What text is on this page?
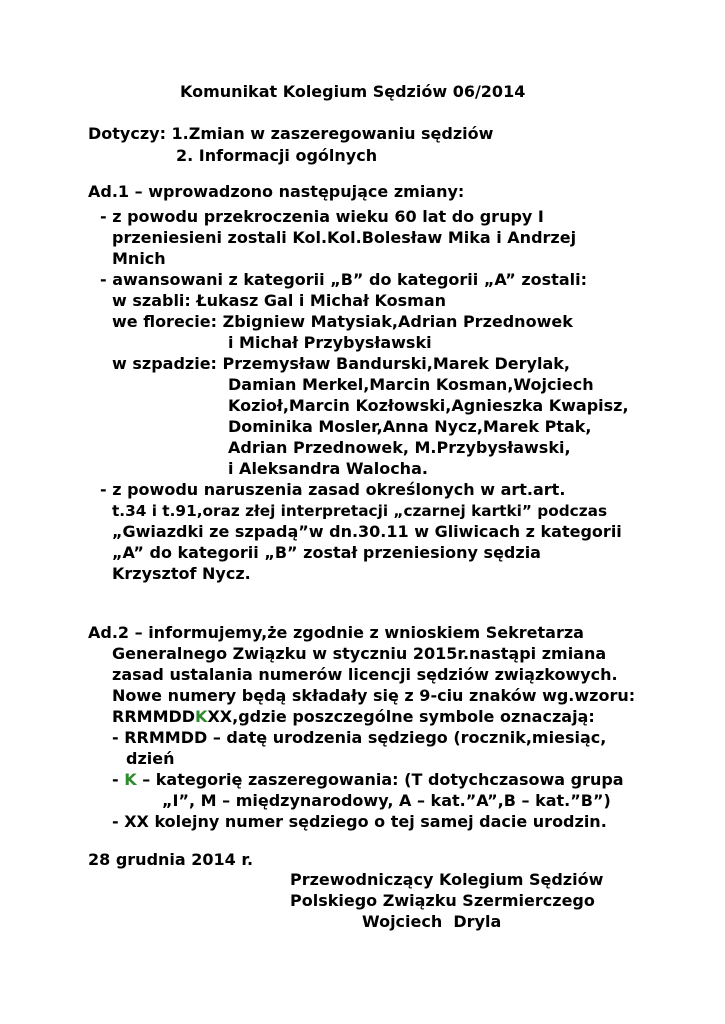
Komunikat Kolegium Sędziów 06/2014
Dotyczy: 1.Zmian w zaszeregowaniu sędziów
2. Informacji ogólnych
Ad.1 – wprowadzono następujące zmiany:
- z powodu przekroczenia wieku 60 lat do grupy I
przeniesieni zostali Kol.Kol.Bolesław Mika i Andrzej
Mnich
- awansowani z kategorii „B” do kategorii „A” zostali:
w szabli: Łukasz Gal i Michał Kosman
we florecie: Zbigniew Matysiak,Adrian Przednowek
i Michał Przybysławski
w szpadzie: Przemysław Bandurski,Marek Derylak,
Damian Merkel,Marcin Kosman,Wojciech
Kozioł,Marcin Kozłowski,Agnieszka Kwapisz,
Dominika Mosler,Anna Nycz,Marek Ptak,
Adrian Przednowek, M.Przybysławski,
i Aleksandra Walocha.
- z powodu naruszenia zasad określonych w art.art.
t.34 i t.91,oraz złej interpretacji „czarnej kartki” podczas
„Gwiazdki ze szpadą”w dn.30.11 w Gliwicach z kategorii
„A” do kategorii „B” został przeniesiony sędzia
Krzysztof Nycz.
Ad.2 – informujemy,że zgodnie z wnioskiem Sekretarza
Generalnego Związku w styczniu 2015r.nastąpi zmiana
zasad ustalania numerów licencji sędziów związkowych.
Nowe numery będą składały się z 9-ciu znaków wg.wzoru:
RRMMDDKXX,gdzie poszczególne symbole oznaczają:
- RRMMDD – datę urodzenia sędziego (rocznik,miesiąc,
dzień
- K – kategorię zaszeregowania: (T dotychczasowa grupa
„I”, M – międzynarodowy, A – kat.”A”,B – kat.”B”)
- XX kolejny numer sędziego o tej samej dacie urodzin.
28 grudnia 2014 r.
Przewodniczący Kolegium Sędziów
Polskiego Związku Szermierczego
Wojciech  Dryla
